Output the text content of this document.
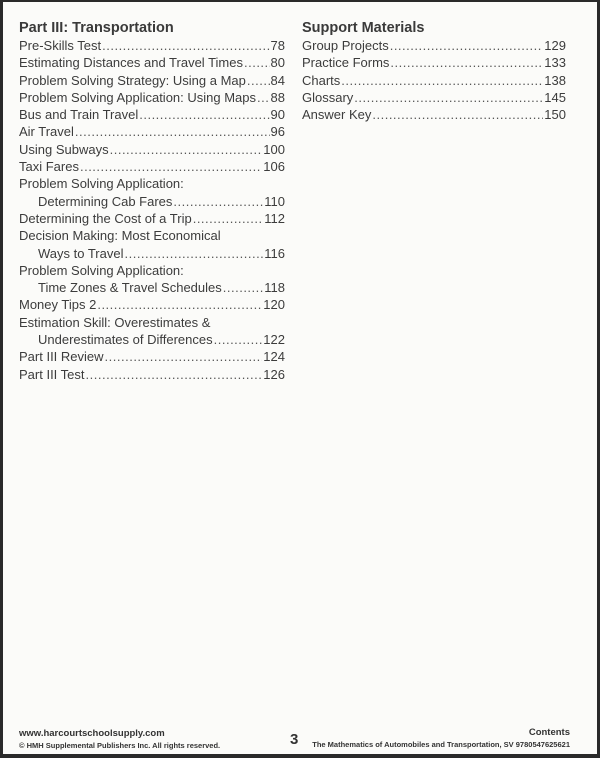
Part III: Transportation
Pre-Skills Test .....	78
Estimating Distances and Travel Times ..... 80
Problem Solving Strategy: Using a Map ..... 84
Problem Solving Application: Using Maps ..... 88
Bus and Train Travel .....	90
Air Travel .....	96
Using Subways .....	100
Taxi Fares .....	106
Problem Solving Application:
Determining Cab Fares .....	110
Determining the Cost of a Trip .....	112
Decision Making: Most Economical
Ways to Travel .....	116
Problem Solving Application:
Time Zones & Travel Schedules .....	118
Money Tips 2 .....	120
Estimation Skill: Overestimates &
Underestimates of Differences .....	122
Part III Review .....	124
Part III Test .....	126
Support Materials
Group Projects .....	129
Practice Forms .....	133
Charts .....	138
Glossary .....	145
Answer Key .....	150
www.harcourtschoolsupply.com
© HMH Supplemental Publishers Inc. All rights reserved.	3	Contents
The Mathematics of Automobiles and Transportation, SV 9780547625621
